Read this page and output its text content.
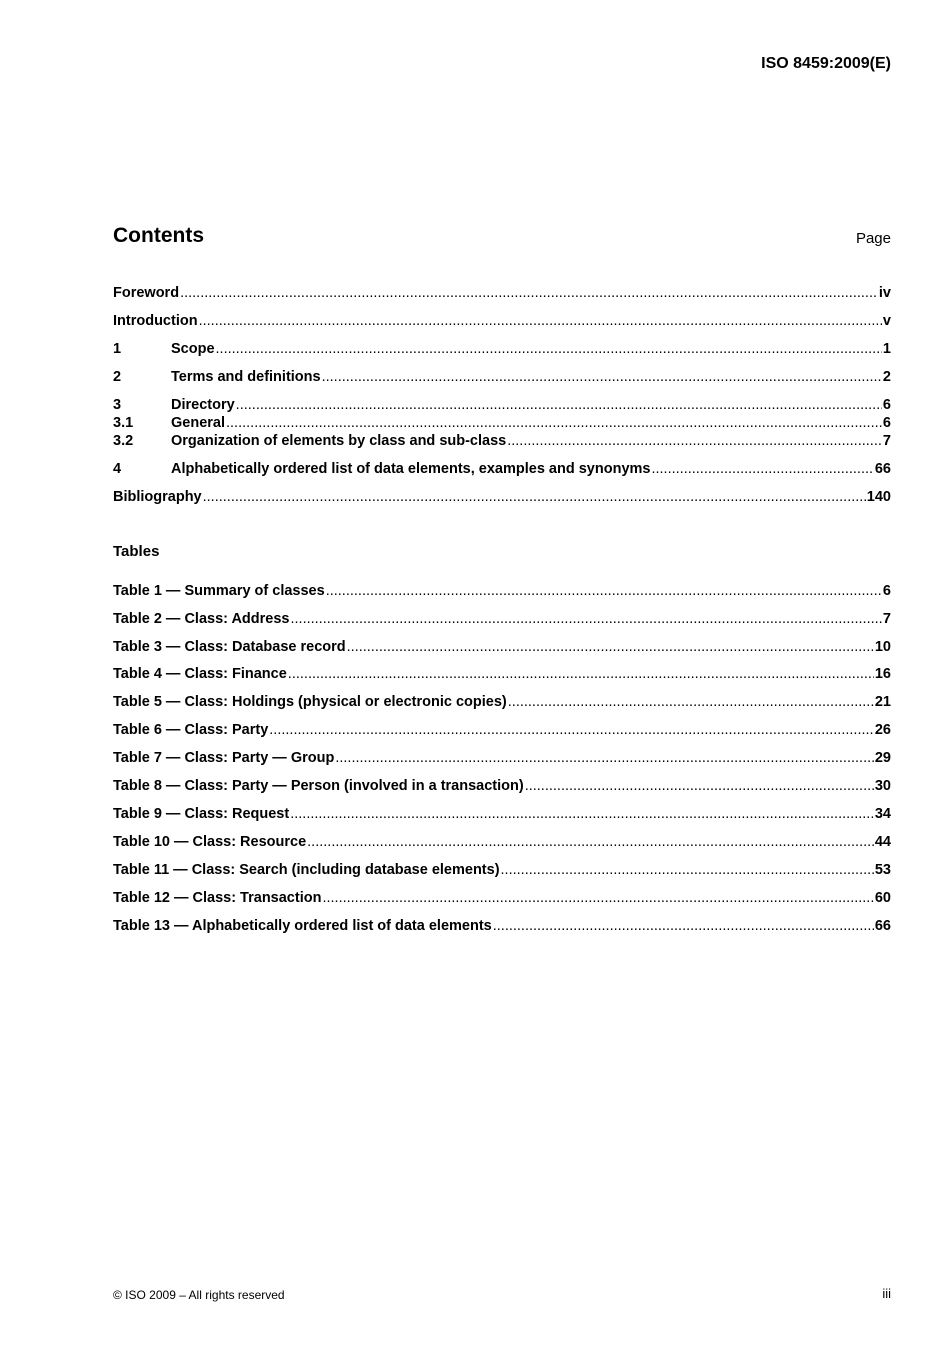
ISO 8459:2009(E)
Contents	Page
Foreword .....	iv
Introduction .....	v
1	Scope .....	1
2	Terms and definitions .....	2
3	Directory .....	6
3.1	General .....	6
3.2	Organization of elements by class and sub-class .....	7
4	Alphabetically ordered list of data elements, examples and synonyms .....	66
Bibliography .....	140
Tables
Table 1 — Summary of classes .....	6
Table 2 — Class: Address .....	7
Table 3 — Class: Database record .....	10
Table 4 — Class: Finance .....	16
Table 5 — Class: Holdings (physical or electronic copies) .....	21
Table 6 — Class: Party .....	26
Table 7 — Class: Party — Group .....	29
Table 8 — Class: Party — Person (involved in a transaction) .....	30
Table 9 — Class: Request .....	34
Table 10 — Class: Resource .....	44
Table 11 — Class: Search (including database elements) .....	53
Table 12 — Class: Transaction .....	60
Table 13 — Alphabetically ordered list of data elements .....	66
© ISO 2009 – All rights reserved	iii
